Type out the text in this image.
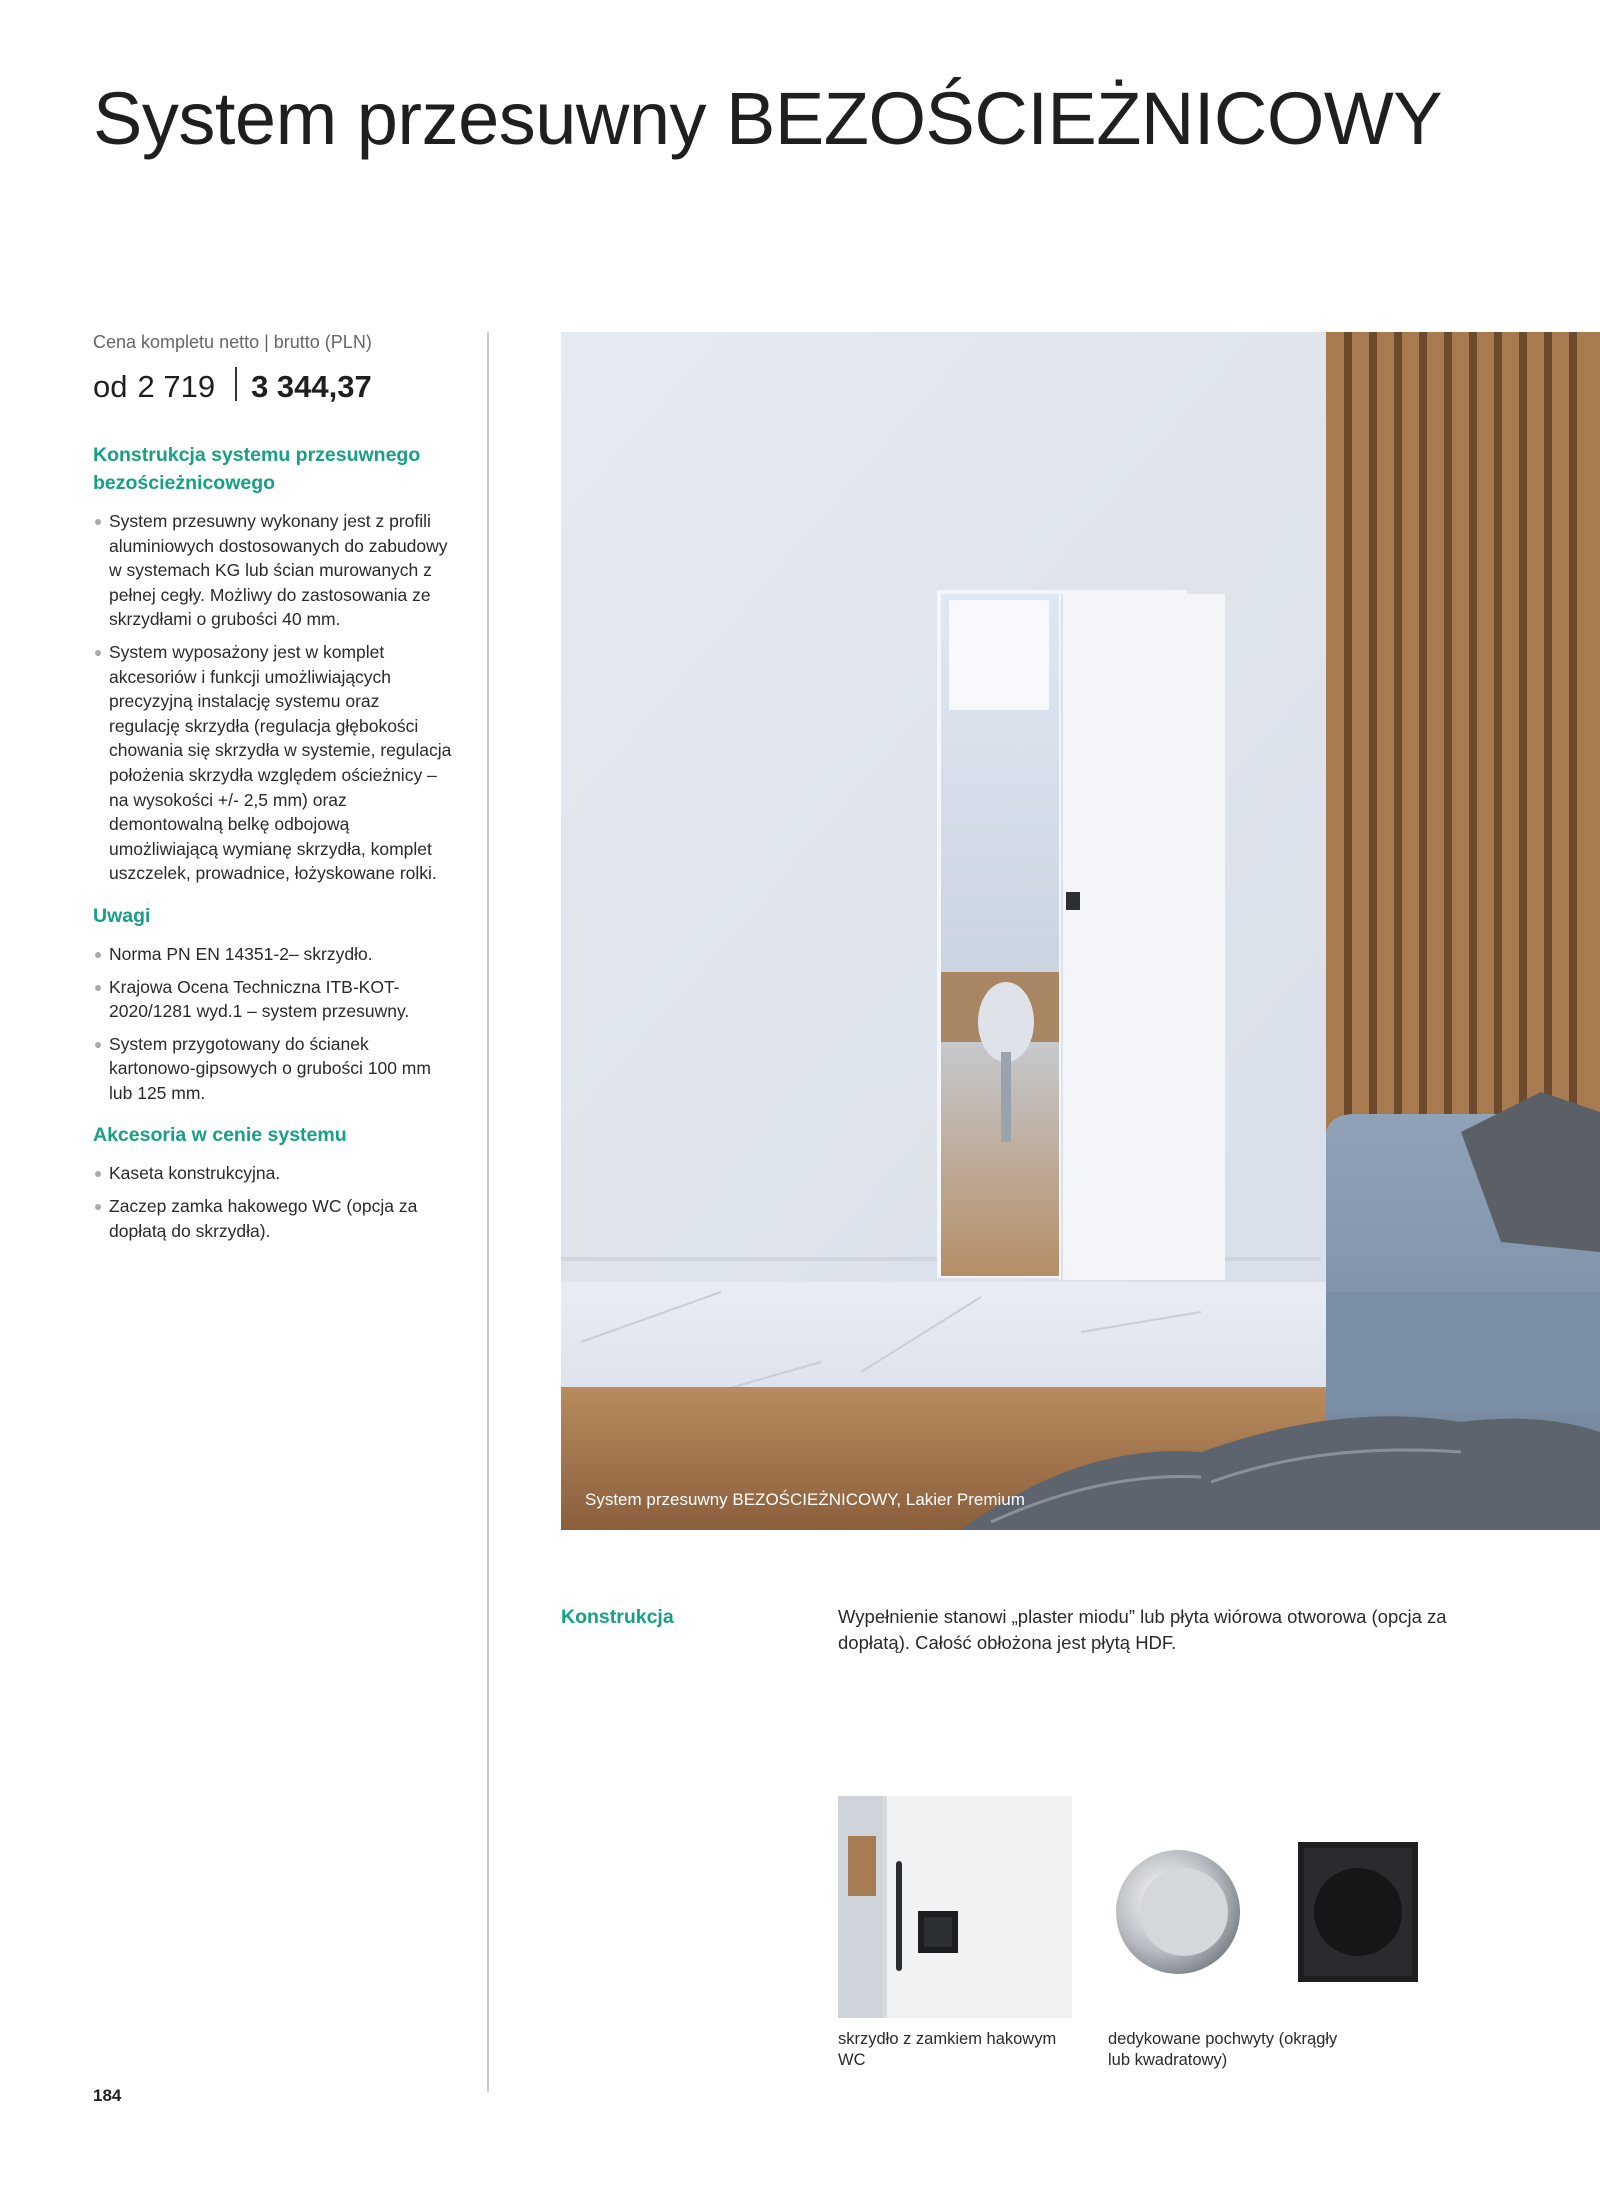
System przesuwny BEZOŚCIEŻNICOWY
Cena kompletu netto | brutto (PLN)
od 2 719 3 344,37
Konstrukcja systemu przesuwnego bezościeżnicowego
System przesuwny wykonany jest z profili aluminiowych dostosowanych do zabudowy w systemach KG lub ścian murowanych z pełnej cegły. Możliwy do zastosowania ze skrzydłami o grubości 40 mm.
System wyposażony jest w komplet akcesoriów i funkcji umożliwiających precyzyjną instalację systemu oraz regulację skrzydła (regulacja głębokości chowania się skrzydła w systemie, regulacja położenia skrzydła względem ościeżnicy – na wysokości +/- 2,5 mm) oraz demontowalną belkę odbojową umożliwiającą wymianę skrzydła, komplet uszczelek, prowadnice, łożyskowane rolki.
Uwagi
Norma PN EN 14351-2– skrzydło.
Krajowa Ocena Techniczna ITB-KOT-2020/1281 wyd.1 – system przesuwny.
System przygotowany do ścianek kartonowo-gipsowych o grubości 100 mm lub 125 mm.
Akcesoria w cenie systemu
Kaseta konstrukcyjna.
Zaczep zamka hakowego WC (opcja za dopłatą do skrzydła).
System przesuwny BEZOŚCIEŻNICOWY, Lakier Premium
Konstrukcja	Wypełnienie stanowi „plaster miodu” lub płyta wiórowa otworowa (opcja za dopłatą). Całość obłożona jest płytą HDF.
skrzydło z zamkiem hakowym WC
dedykowane pochwyty (okrągły lub kwadratowy)
184
